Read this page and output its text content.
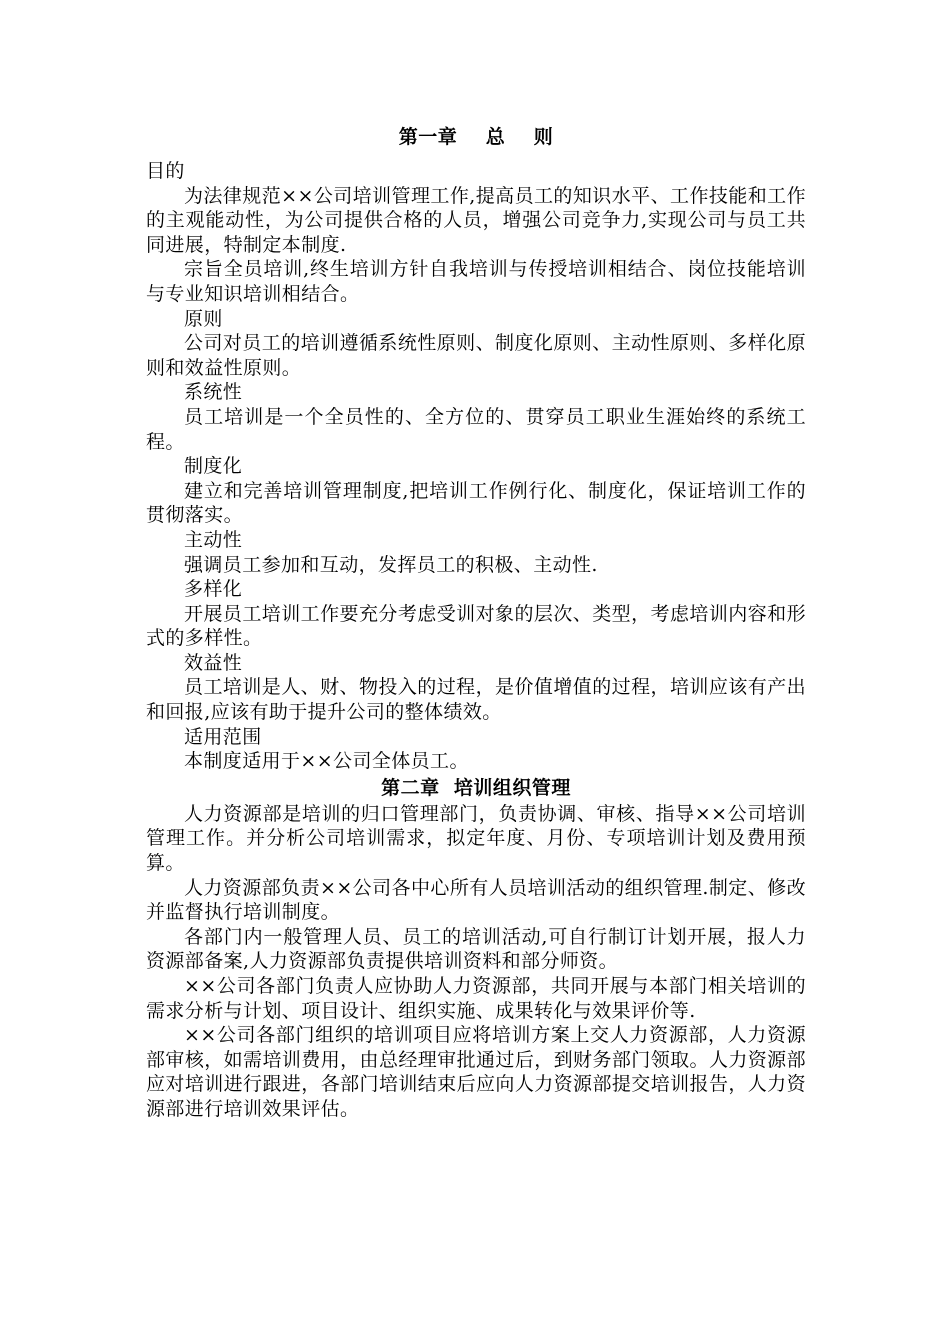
第一章    总    则

目的

为法律规范××公司培训管理工作,提高员工的知识水平、工作技能和工作的主观能动性，为公司提供合格的人员，增强公司竞争力,实现公司与员工共同进展，特制定本制度.

宗旨全员培训,终生培训方针自我培训与传授培训相结合、岗位技能培训与专业知识培训相结合。

原则

公司对员工的培训遵循系统性原则、制度化原则、主动性原则、多样化原则和效益性原则。

系统性

员工培训是一个全员性的、全方位的、贯穿员工职业生涯始终的系统工程。

制度化

建立和完善培训管理制度,把培训工作例行化、制度化，保证培训工作的贯彻落实。

主动性

强调员工参加和互动，发挥员工的积极、主动性.

多样化

开展员工培训工作要充分考虑受训对象的层次、类型，考虑培训内容和形式的多样性。

效益性

员工培训是人、财、物投入的过程，是价值增值的过程，培训应该有产出和回报,应该有助于提升公司的整体绩效。

适用范围

本制度适用于××公司全体员工。

第二章  培训组织管理

人力资源部是培训的归口管理部门，负责协调、审核、指导××公司培训管理工作。并分析公司培训需求，拟定年度、月份、专项培训计划及费用预算。

人力资源部负责××公司各中心所有人员培训活动的组织管理.制定、修改并监督执行培训制度。

各部门内一般管理人员、员工的培训活动,可自行制订计划开展，报人力资源部备案,人力资源部负责提供培训资料和部分师资。

××公司各部门负责人应协助人力资源部，共同开展与本部门相关培训的需求分析与计划、项目设计、组织实施、成果转化与效果评价等.

××公司各部门组织的培训项目应将培训方案上交人力资源部，人力资源部审核，如需培训费用，由总经理审批通过后，到财务部门领取。人力资源部应对培训进行跟进，各部门培训结束后应向人力资源部提交培训报告，人力资源部进行培训效果评估。
